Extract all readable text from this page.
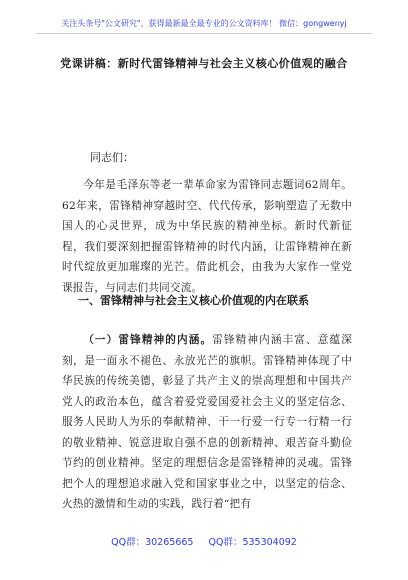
关注头条号"公文研究"，获得最新最全最专业的公文资料库！ 微信：gongwenyj
党课讲稿：新时代雷锋精神与社会主义核心价值观的融合
同志们：

今年是毛泽东等老一辈革命家为雷锋同志题词62周年。62年来，雷锋精神穿越时空、代代传承，影响塑造了无数中国人的心灵世界，成为中华民族的精神坐标。新时代新征程，我们要深刻把握雷锋精神的时代内涵，让雷锋精神在新时代绽放更加璀璨的光芒。借此机会，由我为大家作一堂党课报告，与同志们共同交流。

一、雷锋精神与社会主义核心价值观的内在联系

（一）雷锋精神的内涵。雷锋精神内涵丰富、意蕴深刻，是一面永不褪色、永放光芒的旗帜。雷锋精神体现了中华民族的传统美德，彰显了共产主义的崇高理想和中国共产党人的政治本色，蕴含着爱党爱国爱社会主义的坚定信念、服务人民助人为乐的奉献精神、干一行爱一行专一行精一行的敬业精神、锐意进取自强不息的创新精神、艰苦奋斗勤俭节约的创业精神。坚定的理想信念是雷锋精神的灵魂。雷锋把个人的理想追求融入党和国家事业之中，以坚定的信念、火热的激情和生动的实践，践行着“把有

QQ群：30265665 QQ群：535304092
